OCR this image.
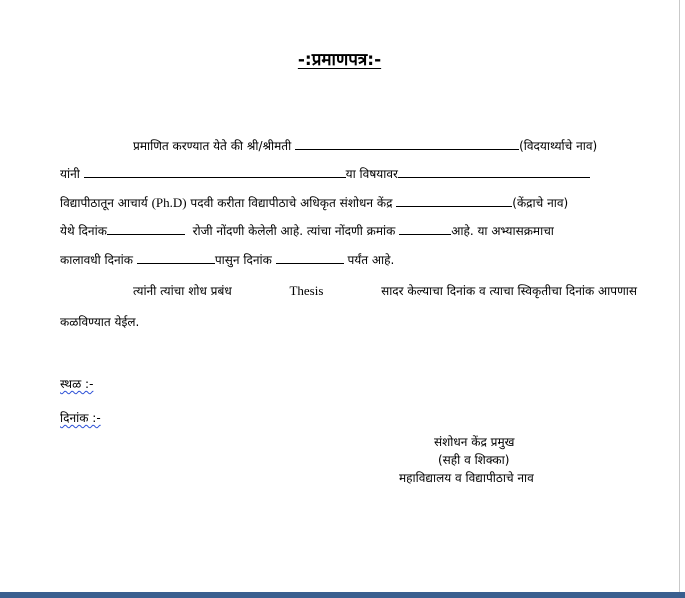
-:प्रमाणपत्र:-
प्रमाणित करण्यात येते की श्री/श्रीमती	(विदयार्थ्याचे नाव)
यांनी	या विषयावर
विद्यापीठातून आचार्य (Ph.D) पदवी करीता विद्यापीठाचे अधिकृत संशोधन केंद्र	(केंद्राचे नाव)
येथे दिनांक	रोजी नोंदणी केलेली आहे. त्यांचा नोंदणी क्रमांक	आहे. या अभ्यासक्रमाचा
कालावधी दिनांक	पासुन दिनांक	पर्यंत आहे.
त्यांनी त्यांचा शोध प्रबंध	Thesis	सादर केल्याचा दिनांक व त्याचा स्विकृतीचा दिनांक आपणास
कळविण्यात येईल.
स्थळ :-
दिनांक :-
संशोधन केंद्र प्रमुख
(सही व शिक्का)
महाविद्यालय व विद्यापीठाचे नाव
